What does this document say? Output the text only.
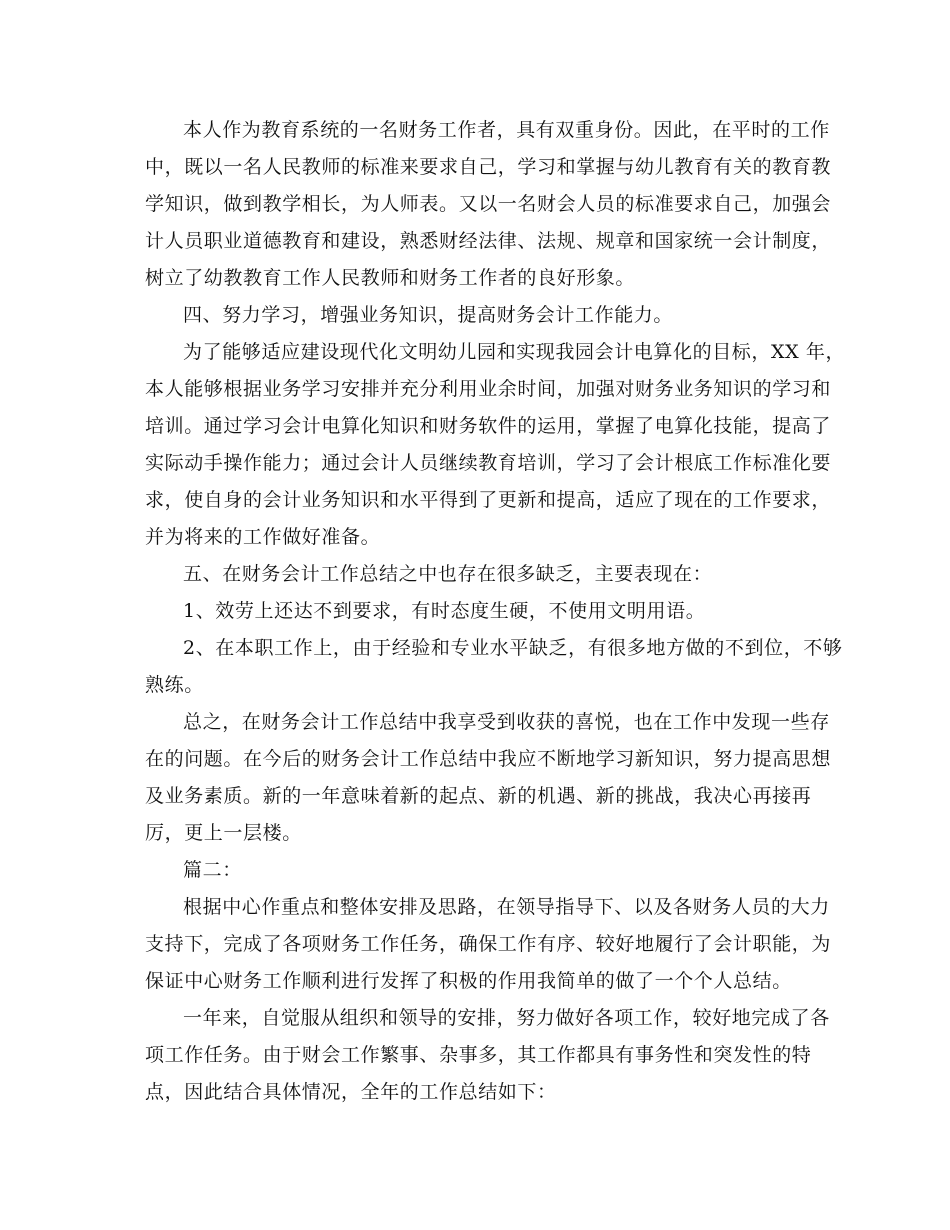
本人作为教育系统的一名财务工作者，具有双重身份。因此，在平时的工作
中，既以一名人民教师的标准来要求自己，学习和掌握与幼儿教育有关的教育教
学知识，做到教学相长，为人师表。又以一名财会人员的标准要求自己，加强会
计人员职业道德教育和建设，熟悉财经法律、法规、规章和国家统一会计制度，
树立了幼教教育工作人民教师和财务工作者的良好形象。
四、努力学习，增强业务知识，提高财务会计工作能力。
为了能够适应建设现代化文明幼儿园和实现我园会计电算化的目标，XX 年，
本人能够根据业务学习安排并充分利用业余时间，加强对财务业务知识的学习和
培训。通过学习会计电算化知识和财务软件的运用，掌握了电算化技能，提高了
实际动手操作能力；通过会计人员继续教育培训，学习了会计根底工作标准化要
求，使自身的会计业务知识和水平得到了更新和提高，适应了现在的工作要求，
并为将来的工作做好准备。
五、在财务会计工作总结之中也存在很多缺乏，主要表现在：
1、效劳上还达不到要求，有时态度生硬，不使用文明用语。
2、在本职工作上，由于经验和专业水平缺乏，有很多地方做的不到位，不够
熟练。
总之，在财务会计工作总结中我享受到收获的喜悦，也在工作中发现一些存
在的问题。在今后的财务会计工作总结中我应不断地学习新知识，努力提高思想
及业务素质。新的一年意味着新的起点、新的机遇、新的挑战，我决心再接再
厉，更上一层楼。
篇二：
根据中心作重点和整体安排及思路，在领导指导下、以及各财务人员的大力
支持下，完成了各项财务工作任务，确保工作有序、较好地履行了会计职能，为
保证中心财务工作顺利进行发挥了积极的作用我简单的做了一个个人总结。
一年来，自觉服从组织和领导的安排，努力做好各项工作，较好地完成了各
项工作任务。由于财会工作繁事、杂事多，其工作都具有事务性和突发性的特
点，因此结合具体情况，全年的工作总结如下：
